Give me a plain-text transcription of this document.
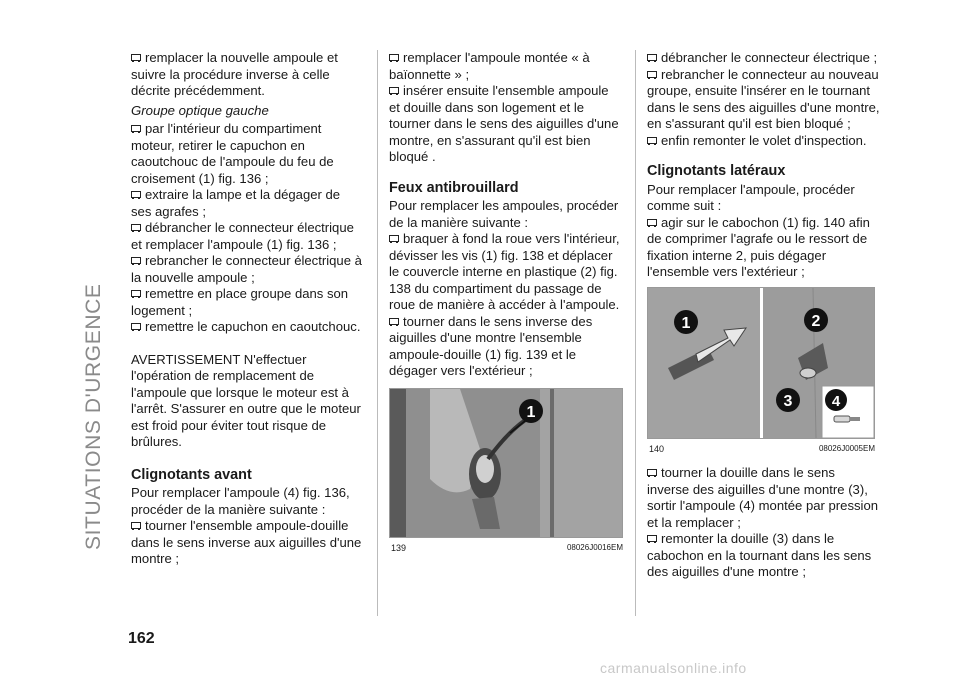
SITUATIONS D'URGENCE

remplacer la nouvelle ampoule et suivre la procédure inverse à celle décrite précédemment.

Groupe optique gauche

par l'intérieur du compartiment moteur, retirer le capuchon en caoutchouc de l'ampoule du feu de croisement (1) fig. 136 ;

extraire la lampe et la dégager de ses agrafes ;

débrancher le connecteur électrique et remplacer l'ampoule (1) fig. 136 ;

rebrancher le connecteur électrique à la nouvelle ampoule ;

remettre en place groupe dans son logement ;

remettre le capuchon en caoutchouc.

AVERTISSEMENT N'effectuer l'opération de remplacement de l'ampoule que lorsque le moteur est à l'arrêt. S'assurer en outre que le moteur est froid pour éviter tout risque de brûlures.

Clignotants avant

Pour remplacer l'ampoule (4) fig. 136, procéder de la manière suivante :

tourner l'ensemble ampoule-douille dans le sens inverse aux aiguilles d'une montre ;

remplacer l'ampoule montée « à baïonnette » ;

insérer ensuite l'ensemble ampoule et douille dans son logement et le tourner dans le sens des aiguilles d'une montre, en s'assurant qu'il est bien bloqué .

Feux antibrouillard

Pour remplacer les ampoules, procéder de la manière suivante :

braquer à fond la roue vers l'intérieur, dévisser les vis (1) fig. 138 et déplacer le couvercle interne en plastique (2) fig. 138 du compartiment du passage de roue de manière à accéder à l'ampoule.

tourner dans le sens inverse des aiguilles d'une montre l'ensemble ampoule-douille (1) fig. 139 et le dégager vers l'extérieur ;

1
139	08026J0016EM

débrancher le connecteur électrique ;

rebrancher le connecteur au nouveau groupe, ensuite l'insérer en le tournant dans le sens des aiguilles d'une montre, en s'assurant qu'il est bien bloqué ;

enfin remonter le volet d'inspection.

Clignotants latéraux

Pour remplacer l'ampoule, procéder comme suit :

agir sur le cabochon (1) fig. 140 afin de comprimer l'agrafe ou le ressort de fixation interne 2, puis dégager l'ensemble vers l'extérieur ;

1	2
3	4
140	08026J0005EM

tourner la douille dans le sens inverse des aiguilles d'une montre (3), sortir l'ampoule (4) montée par pression et la remplacer ;

remonter la douille (3) dans le cabochon en la tournant dans les sens des aiguilles d'une montre ;

162
carmanualsonline.info
